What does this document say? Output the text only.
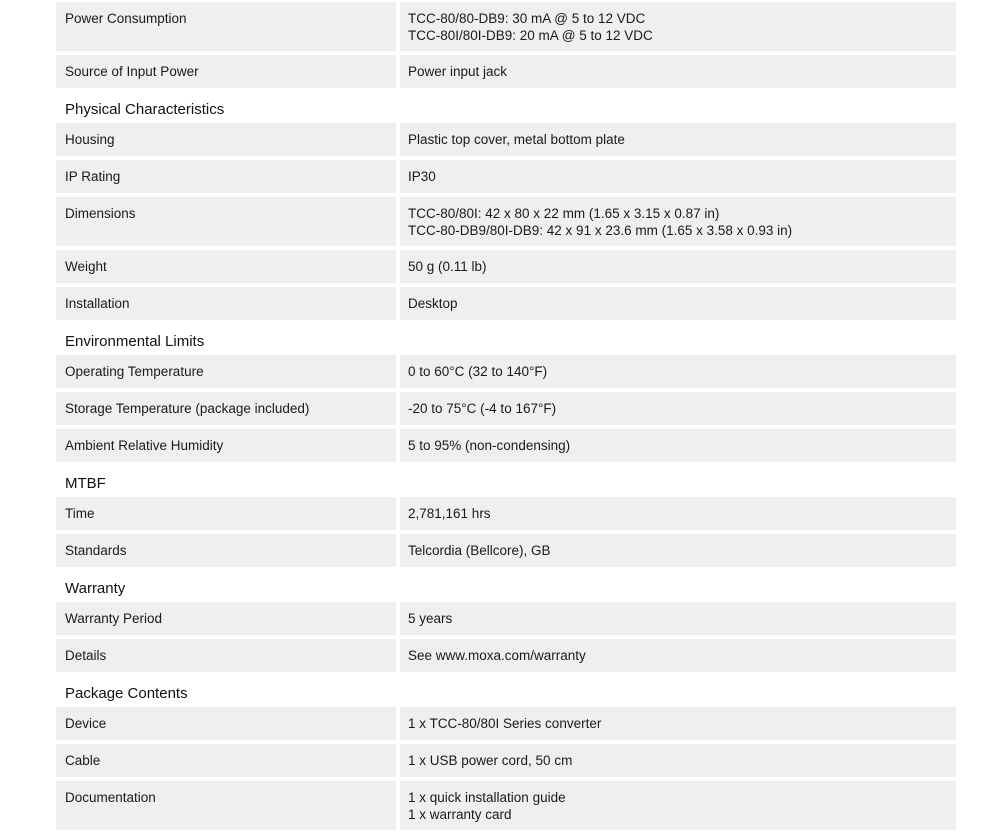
Power Consumption	TCC-80/80-DB9: 30 mA @ 5 to 12 VDC
TCC-80I/80I-DB9: 20 mA @ 5 to 12 VDC
Source of Input Power	Power input jack
Physical Characteristics
Housing	Plastic top cover, metal bottom plate
IP Rating	IP30
Dimensions	TCC-80/80I: 42 x 80 x 22 mm (1.65 x 3.15 x 0.87 in)
TCC-80-DB9/80I-DB9: 42 x 91 x 23.6 mm (1.65 x 3.58 x 0.93 in)
Weight	50 g (0.11 lb)
Installation	Desktop
Environmental Limits
Operating Temperature	0 to 60°C (32 to 140°F)
Storage Temperature (package included)	-20 to 75°C (-4 to 167°F)
Ambient Relative Humidity	5 to 95% (non-condensing)
MTBF
Time	2,781,161 hrs
Standards	Telcordia (Bellcore), GB
Warranty
Warranty Period	5 years
Details	See www.moxa.com/warranty
Package Contents
Device	1 x TCC-80/80I Series converter
Cable	1 x USB power cord, 50 cm
Documentation	1 x quick installation guide
1 x warranty card
